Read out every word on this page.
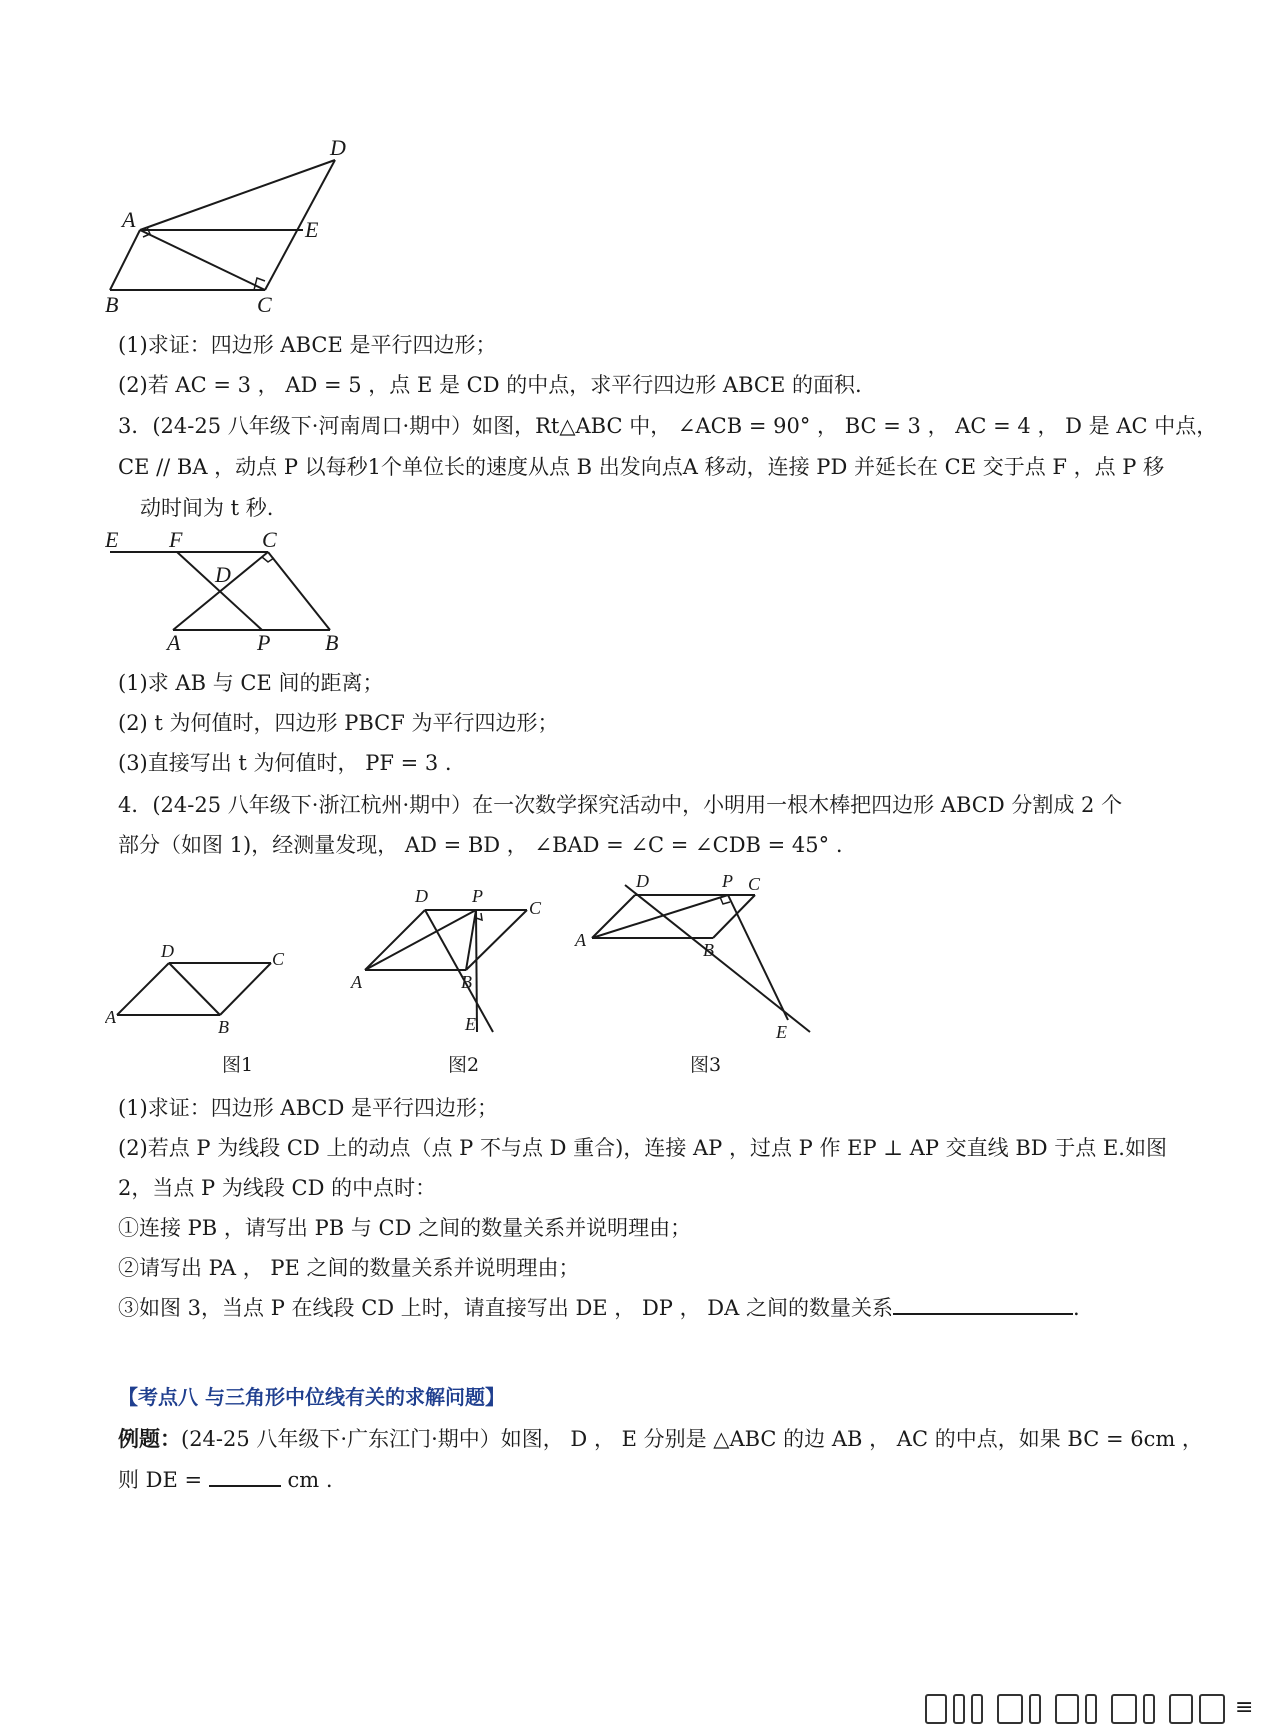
D
A	E
B	C
(1)求证：四边形 ABCE 是平行四边形；
(2)若 AC = 3 ， AD = 5 ，点 E 是 CD 的中点，求平行四边形 ABCE 的面积.
3．(24-25 八年级下·河南周口·期中）如图，Rt△ABC 中， ∠ACB = 90° ， BC = 3 ， AC = 4 ， D 是 AC 中点，
CE // BA ，动点 P 以每秒1个单位长的速度从点 B 出发向点A 移动，连接 PD 并延长在 CE 交于点 F ，点 P 移
动时间为 t 秒.
E F	C
D
A	P B
(1)求 AB 与 CE 间的距离；
(2) t 为何值时，四边形 PBCF 为平行四边形；
(3)直接写出 t 为何值时， PF = 3 .
4．(24-25 八年级下·浙江杭州·期中）在一次数学探究活动中，小明用一根木棒把四边形 ABCD 分割成 2 个
部分（如图 1)，经测量发现， AD = BD ， ∠BAD = ∠C = ∠CDB = 45° .
A
D	C
B
A
D P
C
B
E
A
D	P C
B
E
图1	图2	图3
(1)求证：四边形 ABCD 是平行四边形；
(2)若点 P 为线段 CD 上的动点（点 P 不与点 D 重合)，连接 AP ，过点 P 作 EP ⊥ AP 交直线 BD 于点 E.如图
2，当点 P 为线段 CD 的中点时：
①连接 PB ，请写出 PB 与 CD 之间的数量关系并说明理由；
②请写出 PA ， PE 之间的数量关系并说明理由；
③如图 3，当点 P 在线段 CD 上时，请直接写出 DE ， DP ， DA 之间的数量关系	.
【考点八 与三角形中位线有关的求解问题】
例题：(24-25 八年级下·广东江门·期中）如图， D ， E 分别是 △ABC 的边 AB ， AC 的中点，如果 BC = 6cm ，
则 DE =	cm .
≡
